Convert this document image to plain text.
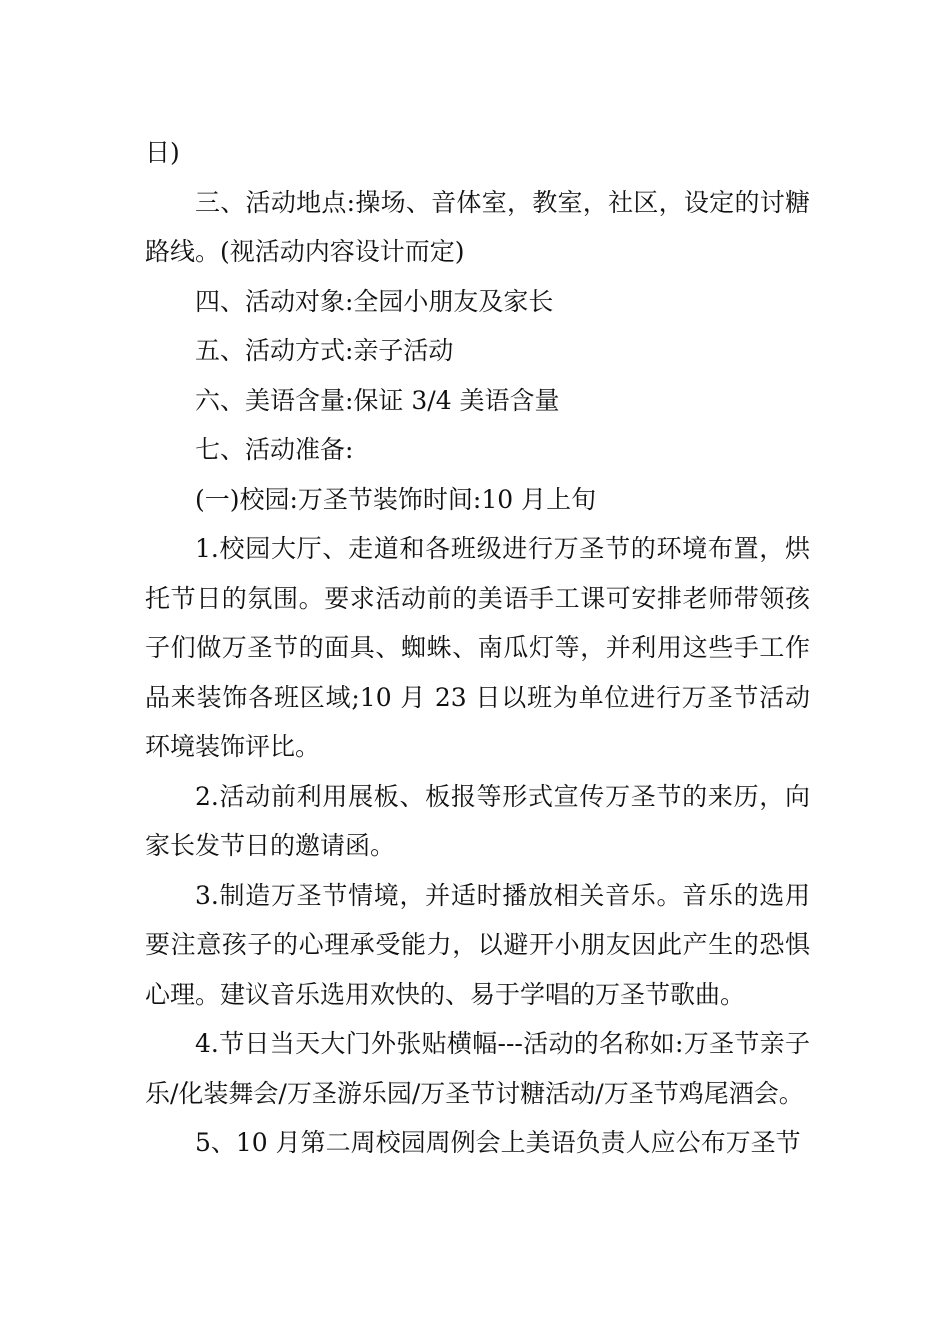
日)

三、活动地点:操场、音体室，教室，社区，设定的讨糖路线。(视活动内容设计而定)

四、活动对象:全园小朋友及家长

五、活动方式:亲子活动

六、美语含量:保证 3/4 美语含量

七、活动准备:

(一)校园:万圣节装饰时间:10 月上旬

1.校园大厅、走道和各班级进行万圣节的环境布置，烘托节日的氛围。要求活动前的美语手工课可安排老师带领孩子们做万圣节的面具、蜘蛛、南瓜灯等，并利用这些手工作品来装饰各班区域;10 月 23 日以班为单位进行万圣节活动环境装饰评比。

2.活动前利用展板、板报等形式宣传万圣节的来历，向家长发节日的邀请函。

3.制造万圣节情境，并适时播放相关音乐。音乐的选用要注意孩子的心理承受能力，以避开小朋友因此产生的恐惧心理。建议音乐选用欢快的、易于学唱的万圣节歌曲。

4.节日当天大门外张贴横幅---活动的名称如:万圣节亲子乐/化装舞会/万圣游乐园/万圣节讨糖活动/万圣节鸡尾酒会。

5、10 月第二周校园周例会上美语负责人应公布万圣节
